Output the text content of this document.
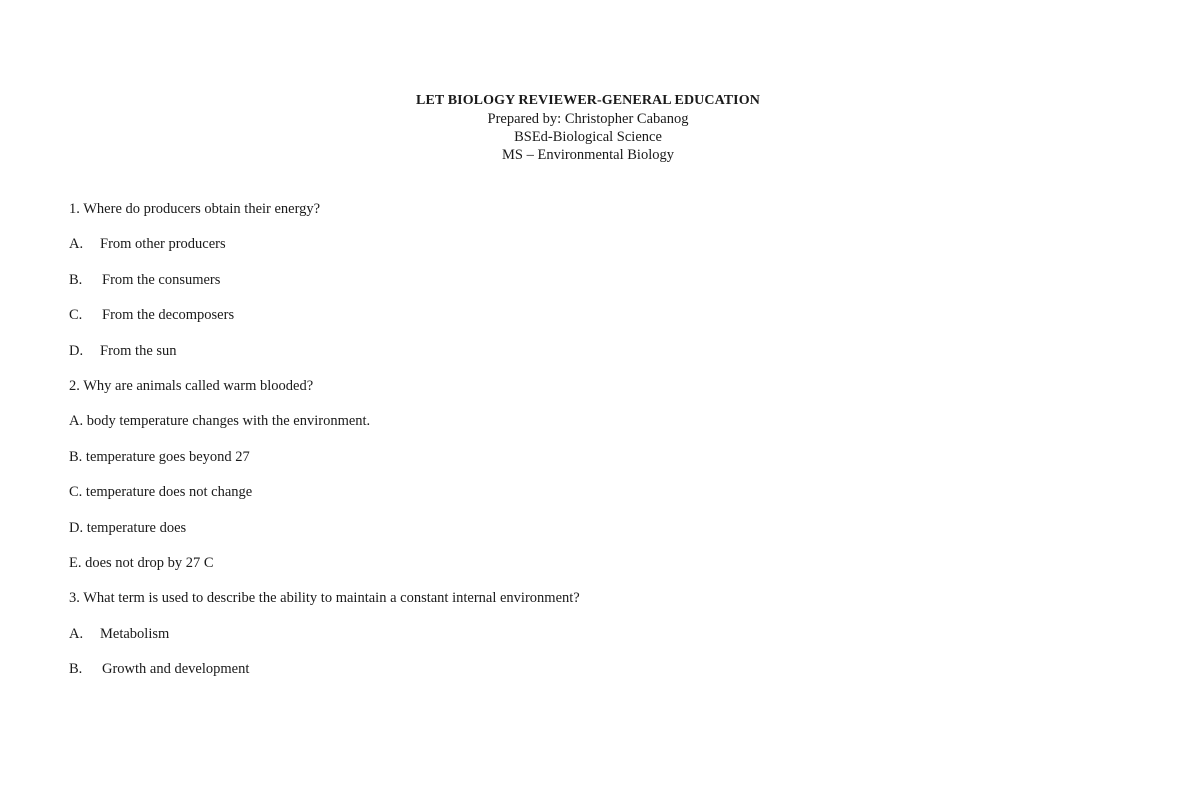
LET BIOLOGY REVIEWER-GENERAL EDUCATION

Prepared by: Christopher Cabanog

BSEd-Biological Science

MS – Environmental Biology

1. Where do producers obtain their energy?
A.	From other producers
B.	From the consumers
C.	From the decomposers
D.	From the sun
2. Why are animals called warm blooded?
A. body temperature changes with the environment.
B. temperature goes beyond 27
C. temperature does not change
D. temperature does
E. does not drop by 27 C
3. What term is used to describe the ability to maintain a constant internal environment?
A.	Metabolism
B.	Growth and development
